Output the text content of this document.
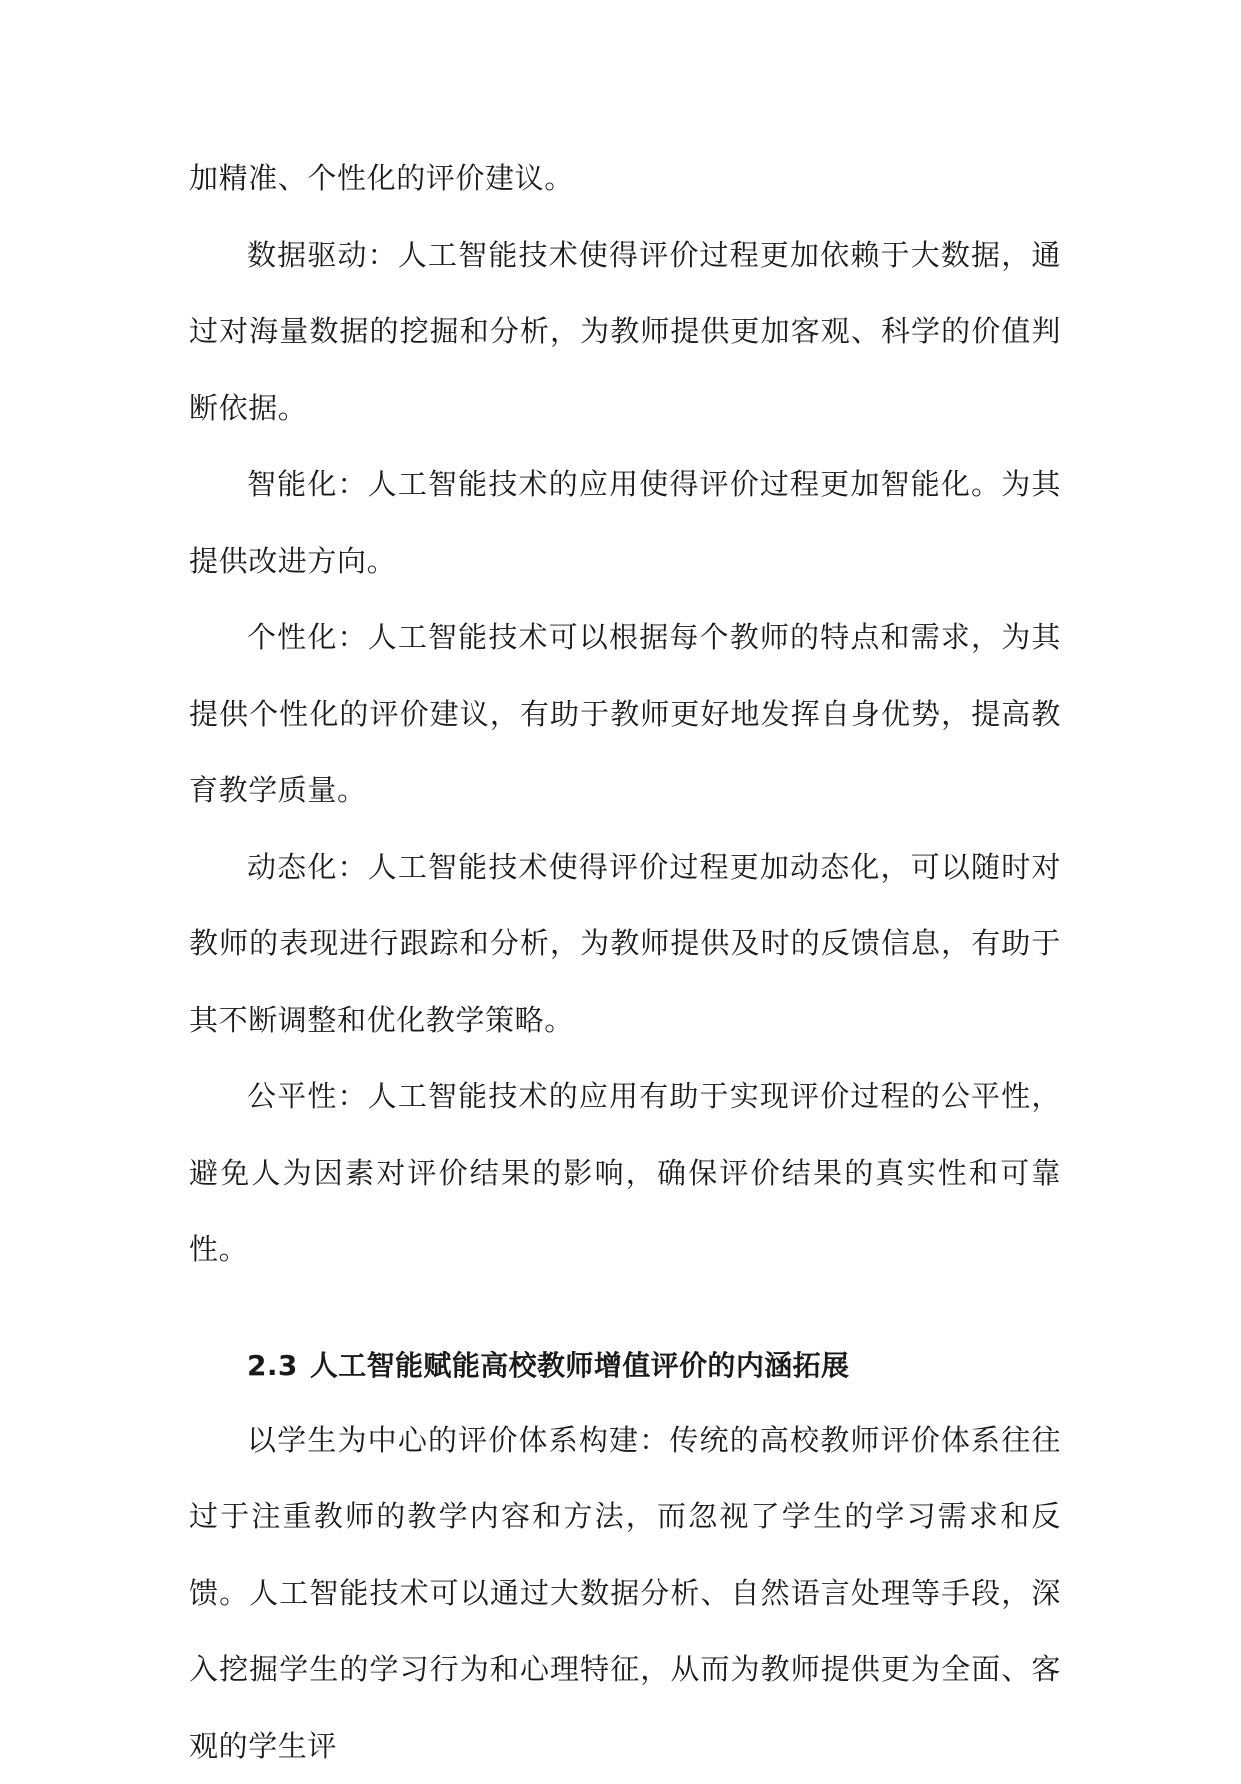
加精准、个性化的评价建议。

数据驱动：人工智能技术使得评价过程更加依赖于大数据，通过对海量数据的挖掘和分析，为教师提供更加客观、科学的价值判断依据。

智能化：人工智能技术的应用使得评价过程更加智能化。为其提供改进方向。

个性化：人工智能技术可以根据每个教师的特点和需求，为其提供个性化的评价建议，有助于教师更好地发挥自身优势，提高教育教学质量。

动态化：人工智能技术使得评价过程更加动态化，可以随时对教师的表现进行跟踪和分析，为教师提供及时的反馈信息，有助于其不断调整和优化教学策略。

公平性：人工智能技术的应用有助于实现评价过程的公平性，避免人为因素对评价结果的影响，确保评价结果的真实性和可靠性。

2.3 人工智能赋能高校教师增值评价的内涵拓展

以学生为中心的评价体系构建：传统的高校教师评价体系往往过于注重教师的教学内容和方法，而忽视了学生的学习需求和反馈。人工智能技术可以通过大数据分析、自然语言处理等手段，深入挖掘学生的学习行为和心理特征，从而为教师提供更为全面、客观的学生评
